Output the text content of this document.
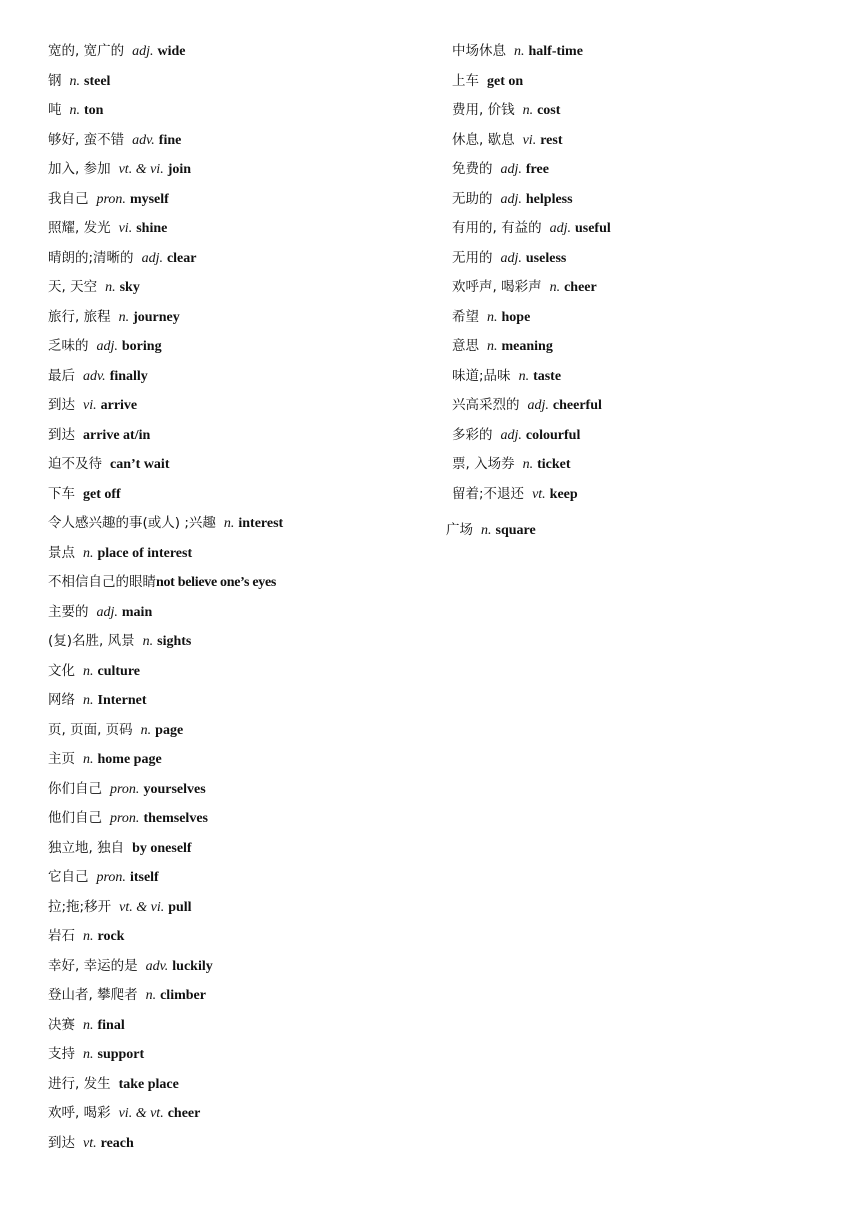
宽的, 宽广的 adj. wide
钢 n. steel
吨 n. ton
够好, 蛮不错 adv. fine
加入, 参加 vt. & vi. join
我自己 pron. myself
照耀, 发光 vi. shine
晴朗的;清晰的 adj. clear
天, 天空 n. sky
旅行, 旅程 n. journey
乏味的 adj. boring
最后 adv. finally
到达 vi. arrive
到达 arrive at/in
迫不及待 can’t wait
下车 get off
令人感兴趣的事(或人) ;兴趣 n. interest
景点 n. place of interest
不相信自己的眼睛not believe one’s eyes
主要的 adj. main
(复)名胜, 风景 n. sights
文化 n. culture
网络 n. Internet
页, 页面, 页码 n. page
主页 n. home page
你们自己 pron. yourselves
他们自己 pron. themselves
独立地, 独自 by oneself
它自己 pron. itself
拉;拖;移开 vt. & vi. pull
岩石 n. rock
幸好, 幸运的是 adv. luckily
登山者, 攀爬者 n. climber
决赛 n. final
支持 n. support
进行, 发生 take place
欢呼, 喝彩 vi. & vt. cheer
到达 vt. reach
中场休息 n. half-time
上车 get on
费用, 价钱 n. cost
休息, 歇息 vi. rest
免费的 adj. free
无助的 adj. helpless
有用的, 有益的 adj. useful
无用的 adj. useless
欢呼声, 喝彩声 n. cheer
希望 n. hope
意思 n. meaning
味道;品味 n. taste
兴高采烈的 adj. cheerful
多彩的 adj. colourful
票, 入场券 n. ticket
留着;不退还 vt. keep
广场 n. square
